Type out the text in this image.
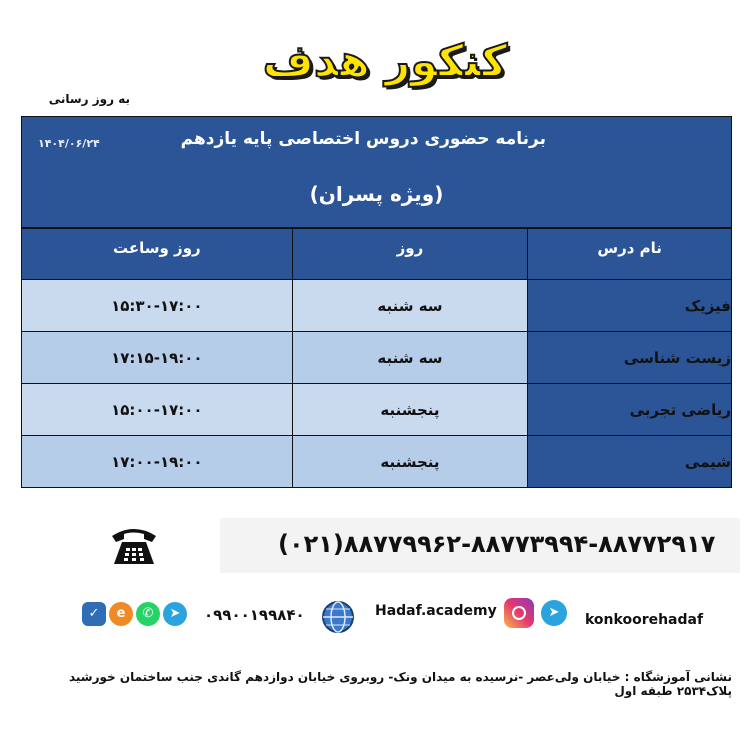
کنکور هدف
به روز رسانی
برنامه حضوری دروس اختصاصی پایه یازدهم
۱۴۰۴/۰۶/۲۴
(ویژه پسران)
نام درس	روز	روز وساعت
فیزیک	سه شنبه	۱۵:۳۰-۱۷:۰۰
زیست شناسی	سه شنبه	۱۷:۱۵-۱۹:۰۰
ریاضی تجربی	پنجشنبه	۱۵:۰۰-۱۷:۰۰
شیمی	پنجشنبه	۱۷:۰۰-۱۹:۰۰
(۰۲۱)۸۸۷۷۹۹۶۲-۸۸۷۷۳۹۹۴-۸۸۷۷۲۹۱۷
✓	e	✆	➤	۰۹۹۰۰۱۹۹۸۴۰	Hadaf.academy	➤	konkoorehadaf
نشانی آموزشگاه : خیابان ولی‌عصر -نرسیده به میدان ونک- روبروی خیابان دوازدهم گاندی جنب ساختمان خورشید پلاک۲۵۳۴ طبقه اول
